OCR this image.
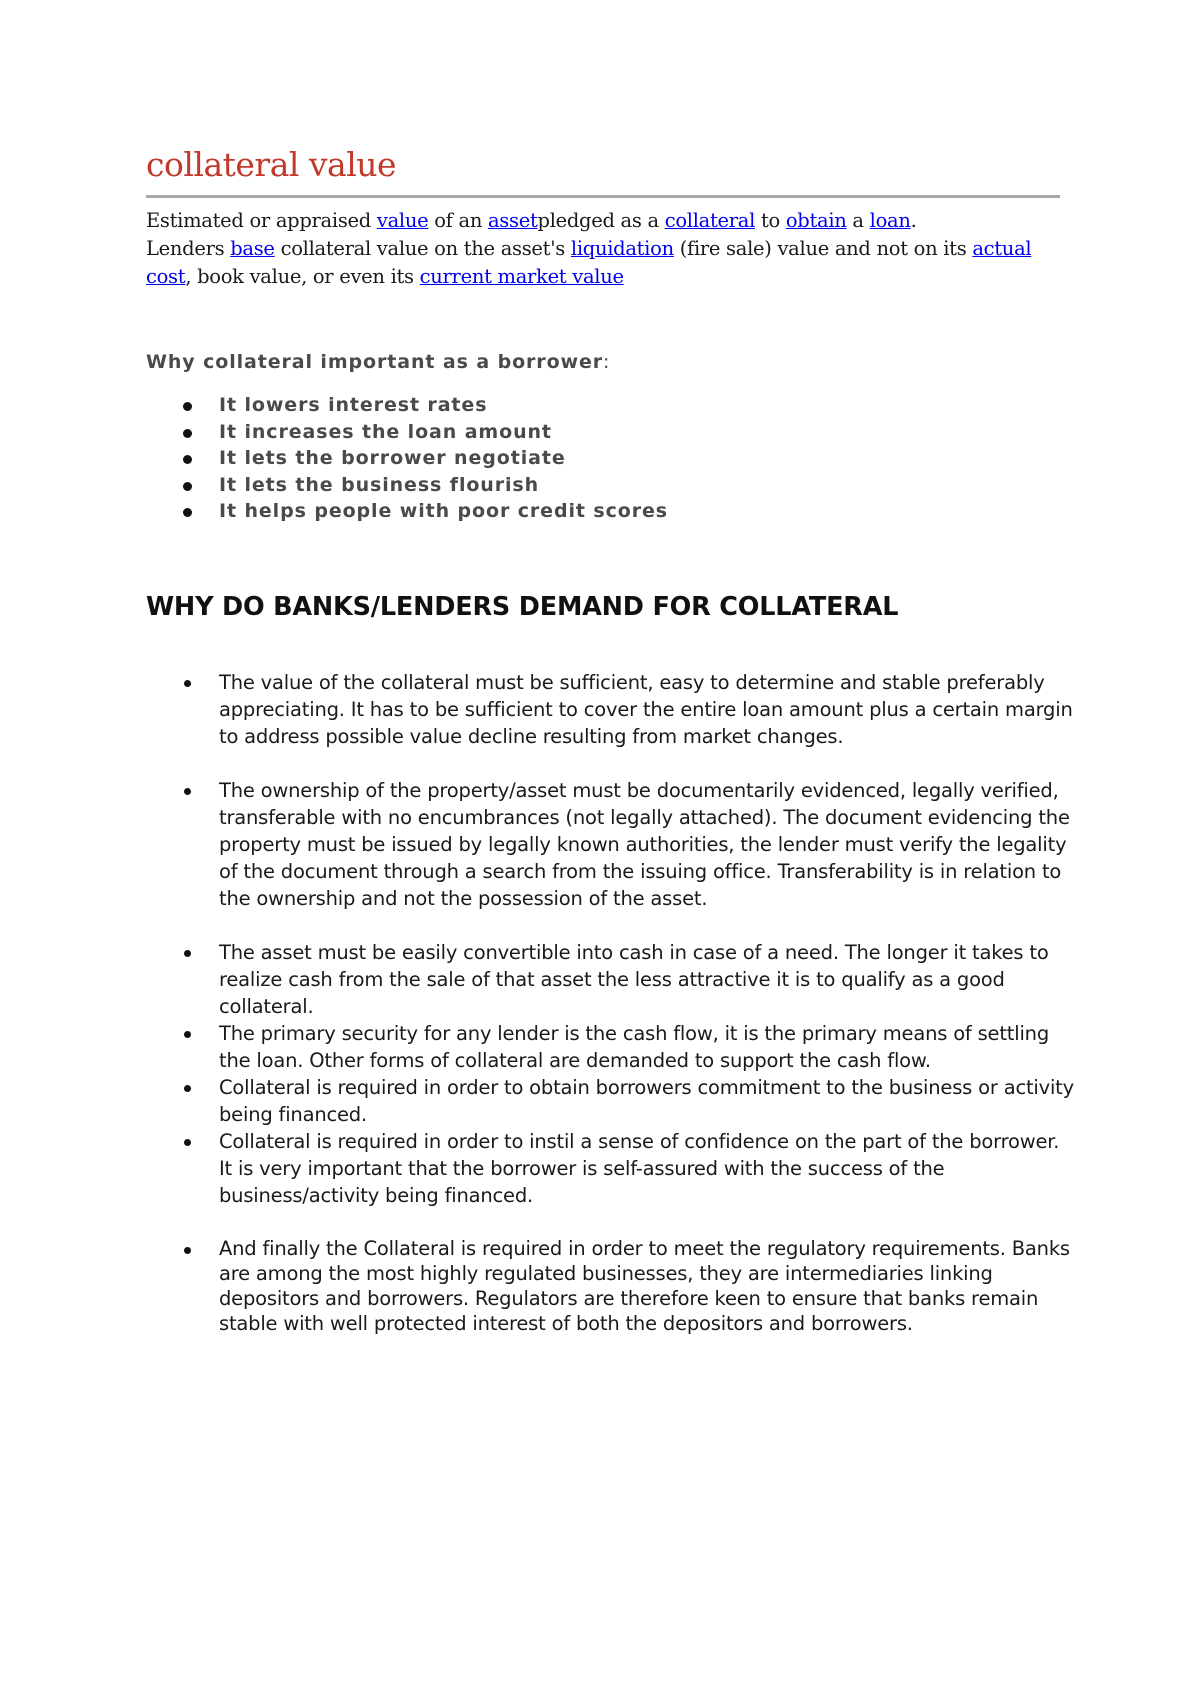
collateral value
Estimated or appraised value of an assetpledged as a collateral to obtain a loan.
Lenders base collateral value on the asset's liquidation (fire sale) value and not on its actual cost, book value, or even its current market value
Why collateral important as a borrower:
It lowers interest rates
It increases the loan amount
It lets the borrower negotiate
It lets the business flourish
It helps people with poor credit scores
WHY DO BANKS/LENDERS DEMAND FOR COLLATERAL
The value of the collateral must be sufficient, easy to determine and stable preferably appreciating. It has to be sufficient to cover the entire loan amount plus a certain margin to address possible value decline resulting from market changes.
The ownership of the property/asset must be documentarily evidenced, legally verified, transferable with no encumbrances (not legally attached). The document evidencing the property must be issued by legally known authorities, the lender must verify the legality of the document through a search from the issuing office. Transferability is in relation to the ownership and not the possession of the asset.
The asset must be easily convertible into cash in case of a need. The longer it takes to realize cash from the sale of that asset the less attractive it is to qualify as a good collateral.
The primary security for any lender is the cash flow, it is the primary means of settling the loan. Other forms of collateral are demanded to support the cash flow.
Collateral is required in order to obtain borrowers commitment to the business or activity being financed.
Collateral is required in order to instil a sense of confidence on the part of the borrower. It is very important that the borrower is self-assured with the success of the business/activity being financed.
And finally the Collateral is required in order to meet the regulatory requirements. Banks are among the most highly regulated businesses, they are intermediaries linking depositors and borrowers. Regulators are therefore keen to ensure that banks remain stable with well protected interest of both the depositors and borrowers.
